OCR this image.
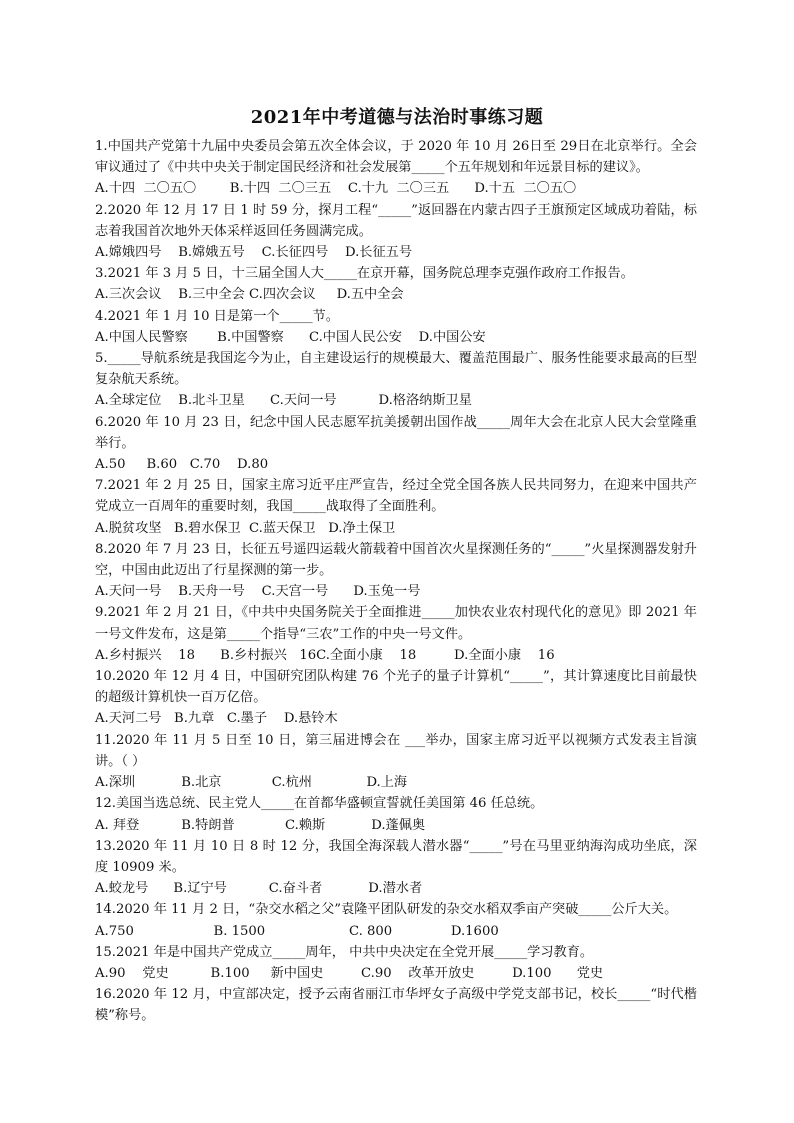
2021年中考道德与法治时事练习题

1.中国共产党第十九届中央委员会第五次全体会议，于 2020 年 10 月 26日至 29日在北京举行。全会审议通过了《中共中央关于制定国民经济和社会发展第_____个五年规划和年远景目标的建议》。

A.十四  二〇五〇        B.十四  二〇三五    C.十九  二〇三五      D.十五  二〇五〇

2.2020 年 12 月 17 日 1 时 59 分，探月工程“_____”返回器在内蒙古四子王旗预定区域成功着陆，标志着我国首次地外天体采样返回任务圆满完成。

A.嫦娥四号    B.嫦娥五号    C.长征四号    D.长征五号

3.2021 年 3 月 5 日，十三届全国人大_____在京开幕，国务院总理李克强作政府工作报告。

A.三次会议    B.三中全会 C.四次会议     D.五中全会

4.2021 年 1 月 10 日是第一个_____节。

A.中国人民警察       B.中国警察      C.中国人民公安    D.中国公安

5._____导航系统是我国迄今为止，自主建设运行的规模最大、覆盖范围最广、服务性能要求最高的巨型复杂航天系统。

A.全球定位    B.北斗卫星      C.天问一号          D.格洛纳斯卫星

6.2020 年 10 月 23 日，纪念中国人民志愿军抗美援朝出国作战_____周年大会在北京人民大会堂隆重举行。

A.50     B.60   C.70    D.80

7.2021 年 2 月 25 日，国家主席习近平庄严宣告，经过全党全国各族人民共同努力，在迎来中国共产党成立一百周年的重要时刻，我国_____战取得了全面胜利。

A.脱贫攻坚   B.碧水保卫  C.蓝天保卫   D.净土保卫

8.2020 年 7 月 23 日，长征五号遥四运载火箭载着中国首次火星探测任务的“_____”火星探测器发射升空，中国由此迈出了行星探测的第一步。

A.天问一号    B.天舟一号    C.天宫一号      D.玉兔一号

9.2021 年 2 月 21 日，《中共中央国务院关于全面推进_____加快农业农村现代化的意见》即 2021 年一号文件发布，这是第_____个指导“三农”工作的中央一号文件。

A.乡村振兴    18      B.乡村振兴   16C.全面小康    18         D.全面小康    16

10.2020 年 12 月 4 日，中国研究团队构建 76 个光子的量子计算机“_____”，其计算速度比目前最快的超级计算机快一百万亿倍。

A.天河二号   B.九章   C.墨子    D.悬铃木

11.2020 年 11 月 5 日至 10 日，第三届进博会在 ___举办，国家主席习近平以视频方式发表主旨演讲。（ ）

A.深圳           B.北京            C.杭州             D.上海

12.美国当选总统、民主党人_____在首都华盛顿宣誓就任美国第 46 任总统。

A. 拜登          B.特朗普            C.赖斯           D.蓬佩奥

13.2020 年 11 月 10 日 8 时 12 分，我国全海深载人潜水器“_____”号在马里亚纳海沟成功坐底，深度 10909 米。

A.蛟龙号      B.辽宁号          C.奋斗者           D.潜水者

14.2020 年 11 月 2 日，“杂交水稻之父”袁隆平团队研发的杂交水稻双季亩产突破_____公斤大关。

A.750                   B. 1500                    C. 800              D.1600

15.2021 年是中国共产党成立_____周年， 中共中央决定在全党开展_____学习教育。

A.90    党史          B.100     新中国史         C.90    改革开放史         D.100      党史

16.2020 年 12 月，中宣部决定，授予云南省丽江市华坪女子高级中学党支部书记，校长_____“时代楷模”称号。
